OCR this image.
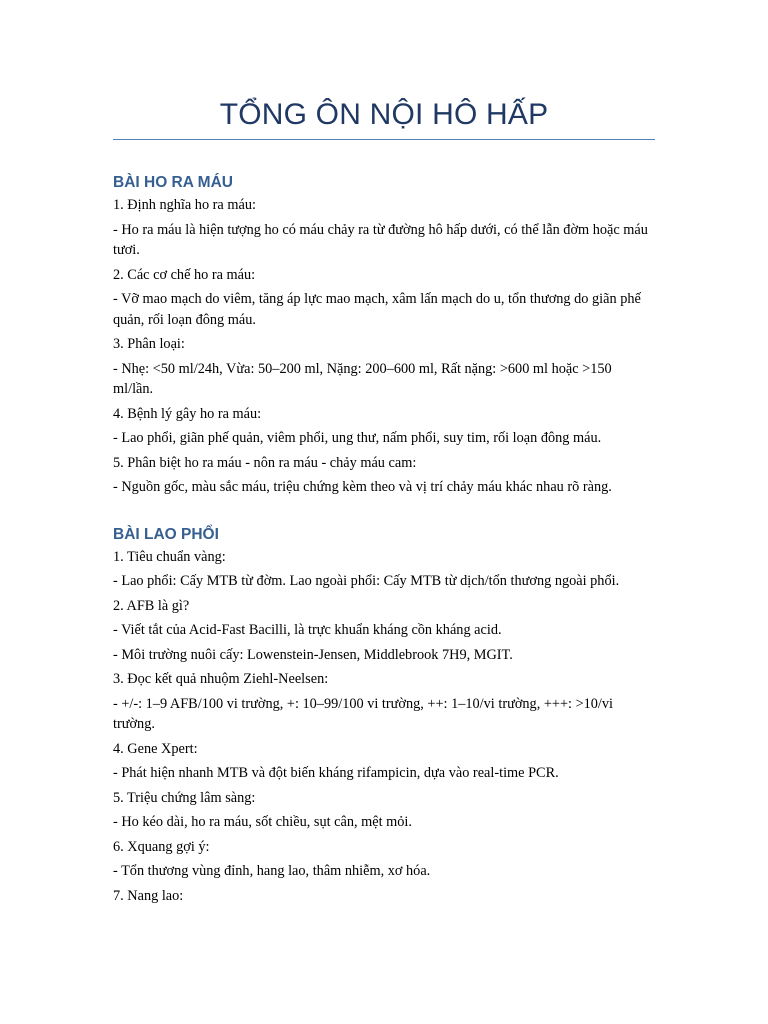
TỔNG ÔN NỘI HÔ HẤP
BÀI HO RA MÁU

1. Định nghĩa ho ra máu:

- Ho ra máu là hiện tượng ho có máu chảy ra từ đường hô hấp dưới, có thể lẫn đờm hoặc máu tươi.

2. Các cơ chế ho ra máu:

- Vỡ mao mạch do viêm, tăng áp lực mao mạch, xâm lấn mạch do u, tổn thương do giãn phế quản, rối loạn đông máu.

3. Phân loại:

- Nhẹ: <50 ml/24h, Vừa: 50–200 ml, Nặng: 200–600 ml, Rất nặng: >600 ml hoặc >150 ml/lần.

4. Bệnh lý gây ho ra máu:

- Lao phổi, giãn phế quản, viêm phổi, ung thư, nấm phổi, suy tim, rối loạn đông máu.

5. Phân biệt ho ra máu - nôn ra máu - chảy máu cam:

- Nguồn gốc, màu sắc máu, triệu chứng kèm theo và vị trí chảy máu khác nhau rõ ràng.

BÀI LAO PHỔI

1. Tiêu chuẩn vàng:

- Lao phổi: Cấy MTB từ đờm. Lao ngoài phổi: Cấy MTB từ dịch/tổn thương ngoài phổi.

2. AFB là gì?

- Viết tắt của Acid-Fast Bacilli, là trực khuẩn kháng cồn kháng acid.

- Môi trường nuôi cấy: Lowenstein-Jensen, Middlebrook 7H9, MGIT.

3. Đọc kết quả nhuộm Ziehl-Neelsen:

- +/-: 1–9 AFB/100 vi trường, +: 10–99/100 vi trường, ++: 1–10/vi trường, +++: >10/vi trường.

4. Gene Xpert:

- Phát hiện nhanh MTB và đột biến kháng rifampicin, dựa vào real-time PCR.

5. Triệu chứng lâm sàng:

- Ho kéo dài, ho ra máu, sốt chiều, sụt cân, mệt mỏi.

6. Xquang gợi ý:

- Tổn thương vùng đỉnh, hang lao, thâm nhiễm, xơ hóa.

7. Nang lao:
